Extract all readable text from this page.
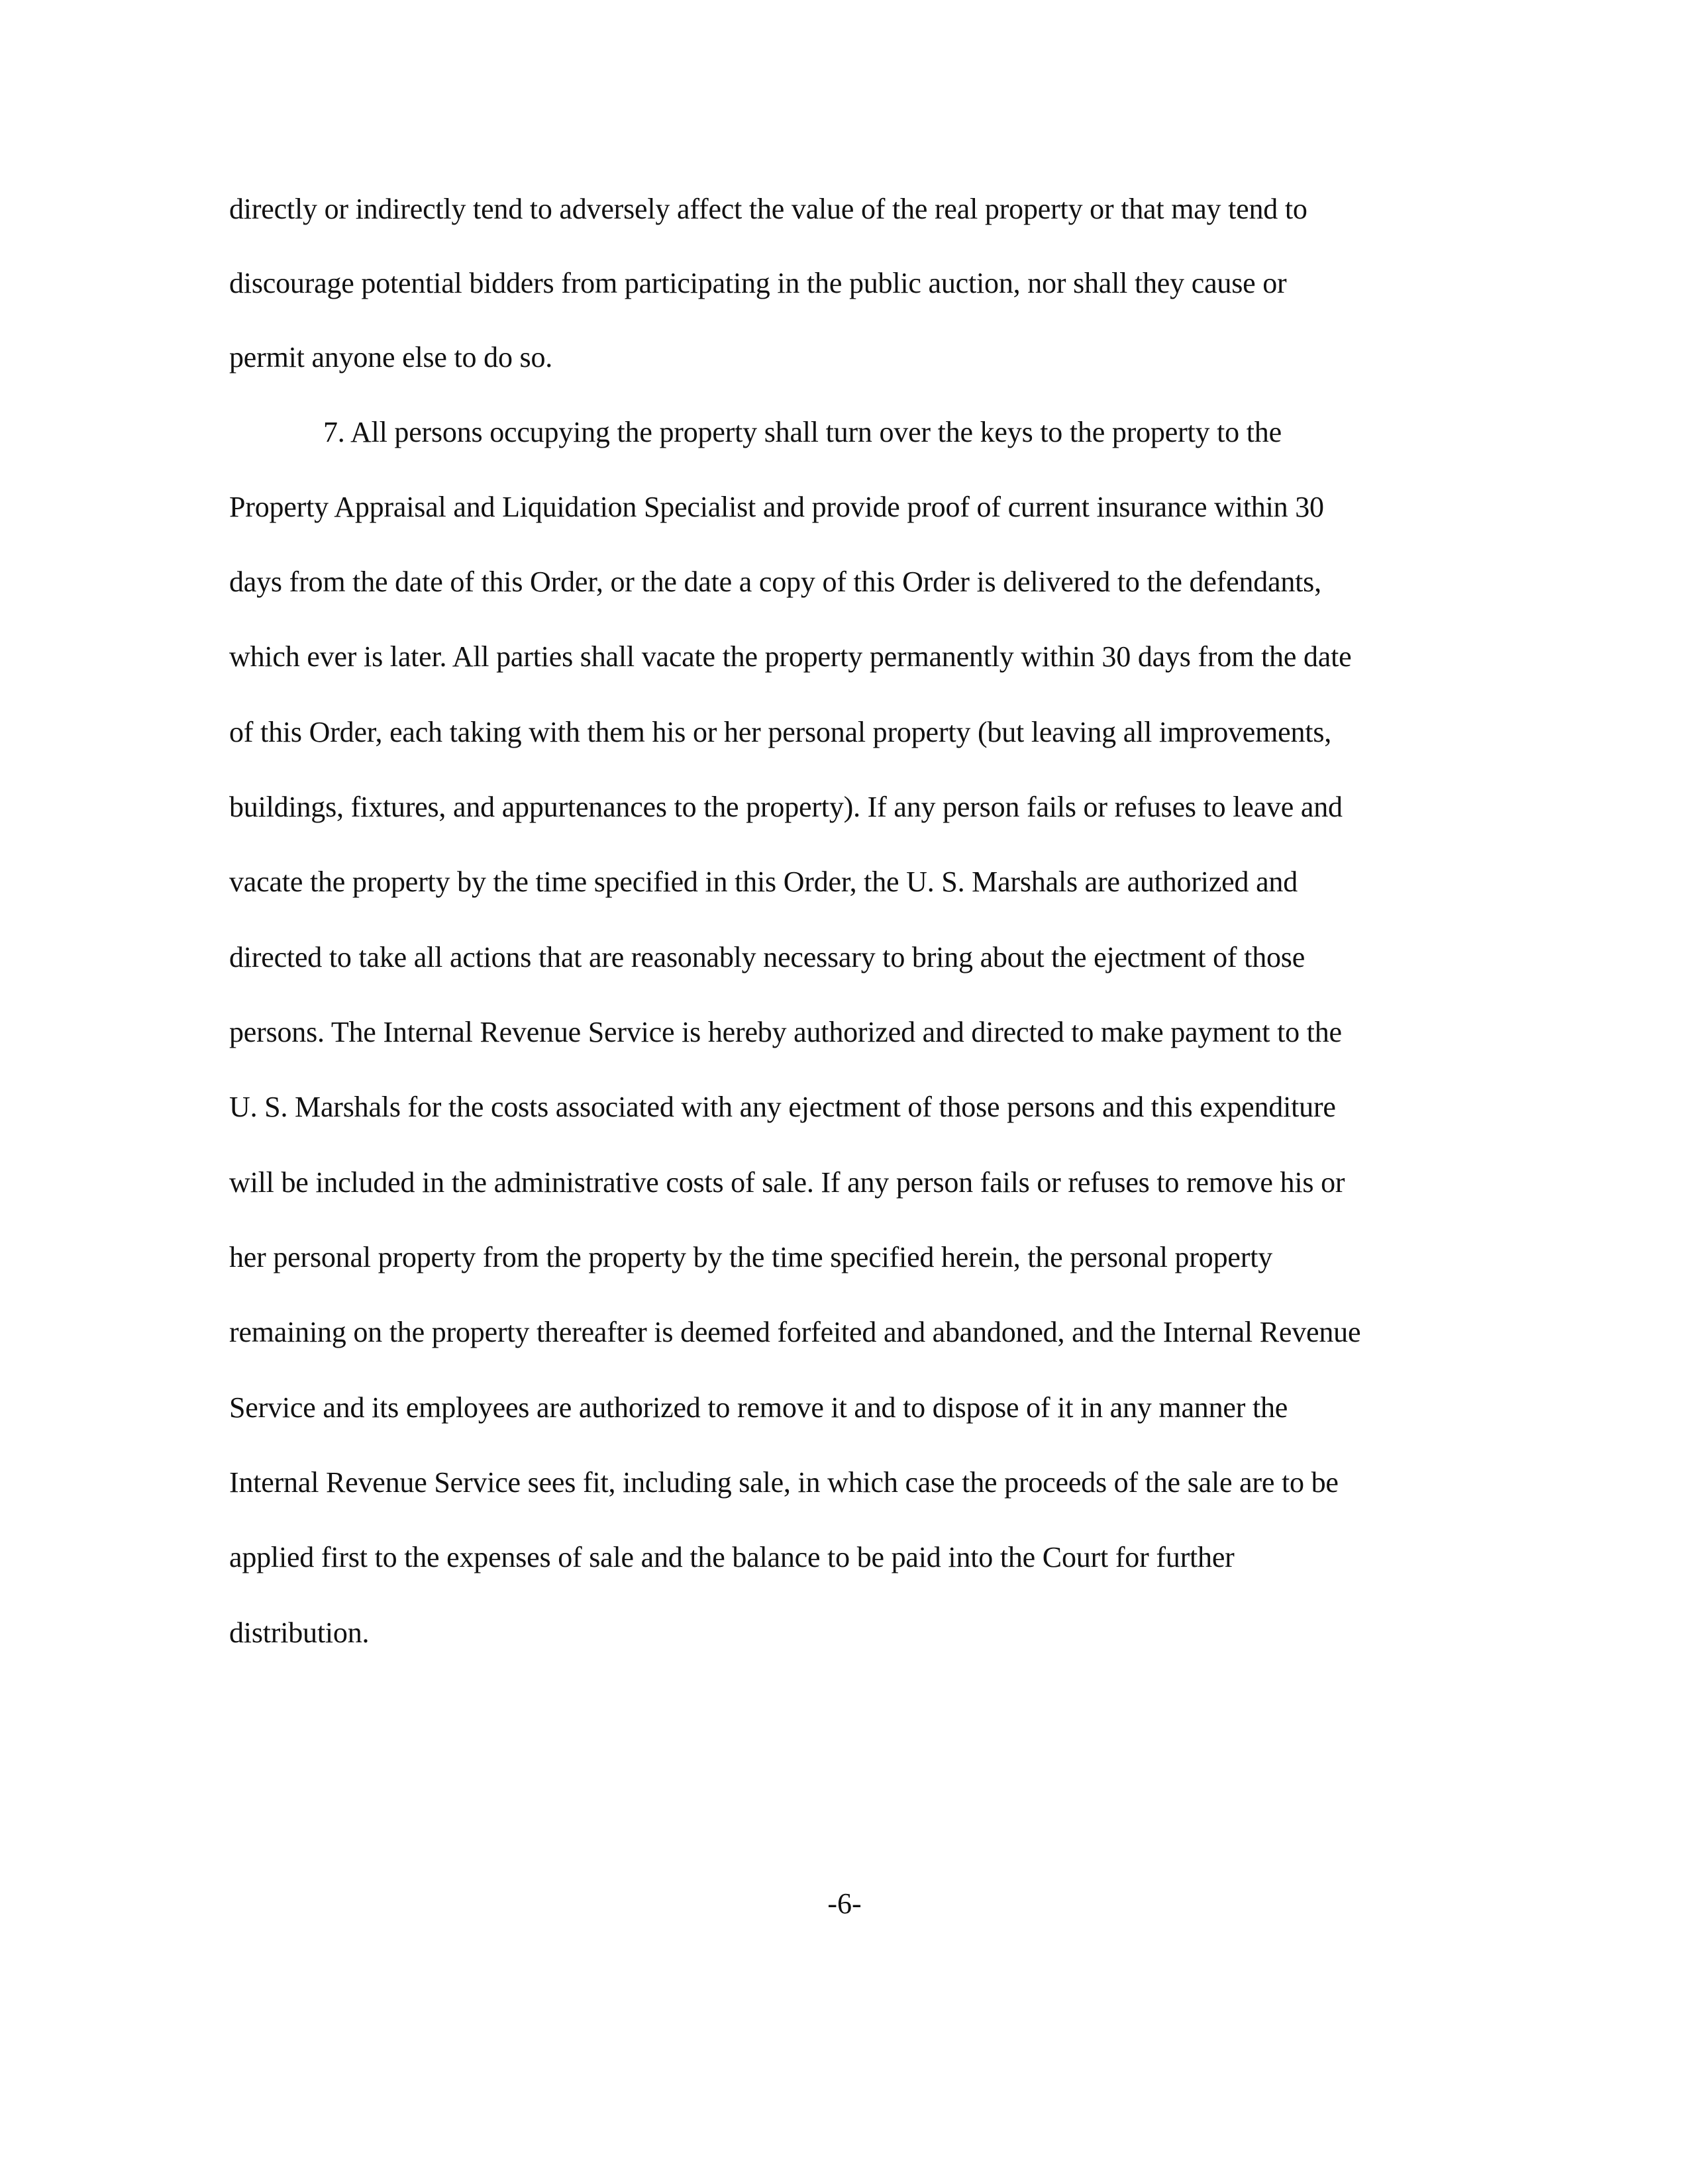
directly or indirectly tend to adversely affect the value of the real property or that may tend to

discourage potential bidders from participating in the public auction, nor shall they cause or

permit anyone else to do so.

7. All persons occupying the property shall turn over the keys to the property to the

Property Appraisal and Liquidation Specialist and provide proof of current insurance within 30

days from the date of this Order, or the date a copy of this Order is delivered to the defendants,

which ever is later. All parties shall vacate the property permanently within 30 days from the date

of this Order, each taking with them his or her personal property (but leaving all improvements,

buildings, fixtures, and appurtenances to the property). If any person fails or refuses to leave and

vacate the property by the time specified in this Order, the U. S. Marshals are authorized and

directed to take all actions that are reasonably necessary to bring about the ejectment of those

persons. The Internal Revenue Service is hereby authorized and directed to make payment to the

U. S. Marshals for the costs associated with any ejectment of those persons and this expenditure

will be included in the administrative costs of sale. If any person fails or refuses to remove his or

her personal property from the property by the time specified herein, the personal property

remaining on the property thereafter is deemed forfeited and abandoned, and the Internal Revenue

Service and its employees are authorized to remove it and to dispose of it in any manner the

Internal Revenue Service sees fit, including sale, in which case the proceeds of the sale are to be

applied first to the expenses of sale and the balance to be paid into the Court for further

distribution.

-6-
